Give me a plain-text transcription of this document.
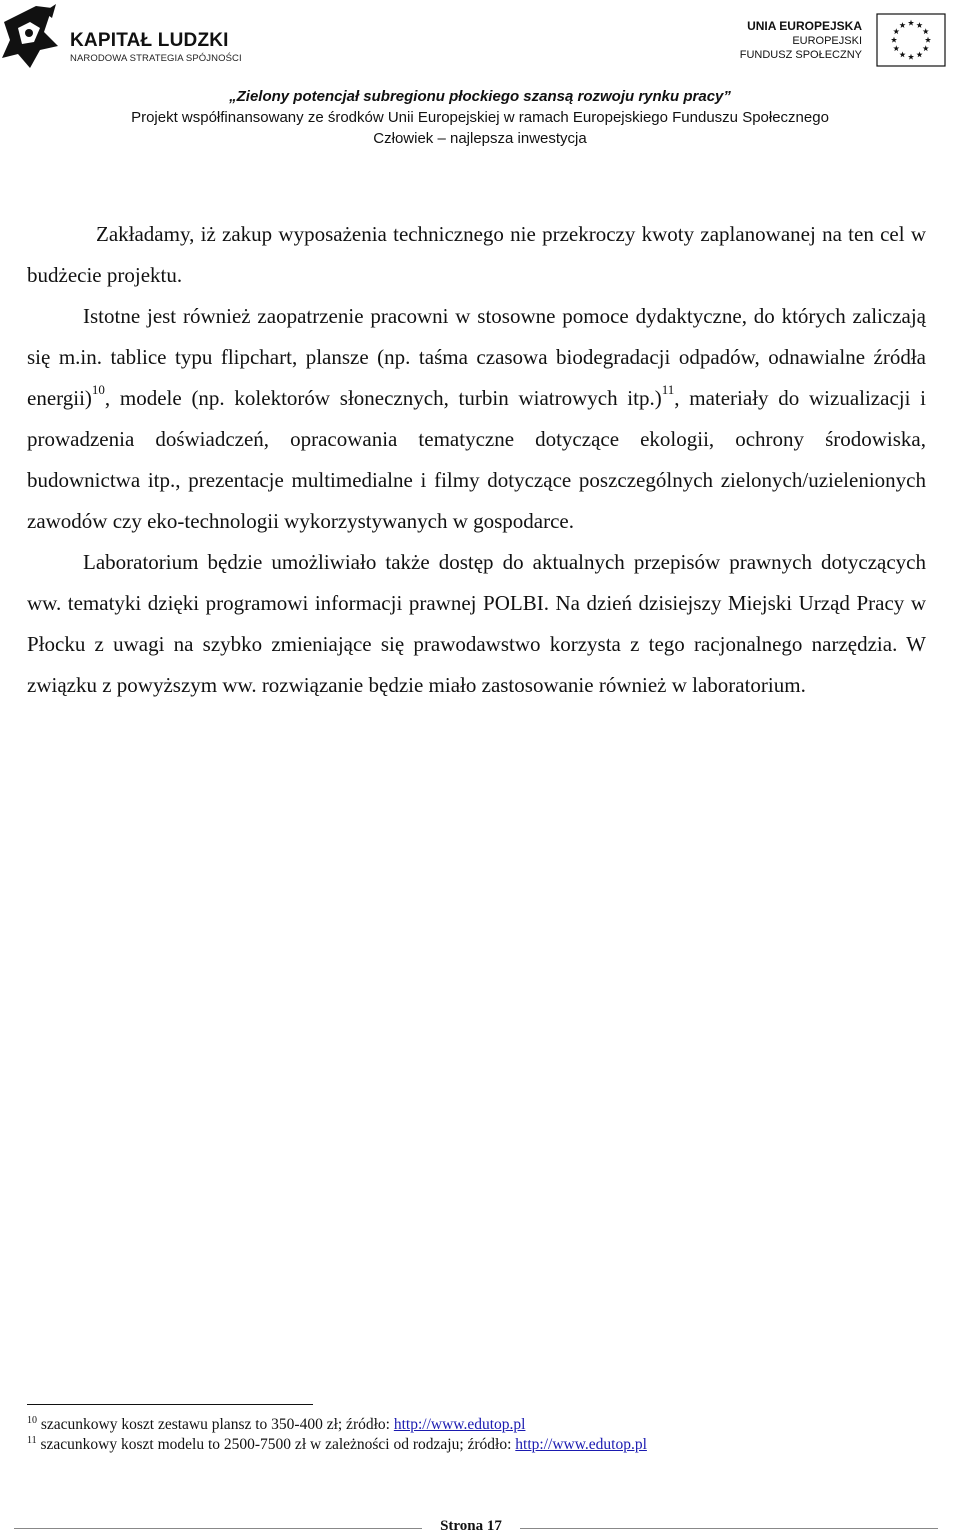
KAPITAŁ LUDZKI
NARODOWA STRATEGIA SPÓJNOŚCI
UNIA EUROPEJSKA
EUROPEJSKI
FUNDUSZ SPOŁECZNY
„Zielony potencjał subregionu płockiego szansą rozwoju rynku pracy”
Projekt współfinansowany ze środków Unii Europejskiej w ramach Europejskiego Funduszu Społecznego
Człowiek – najlepsza inwestycja

Zakładamy, iż zakup wyposażenia technicznego nie przekroczy kwoty zaplanowanej na ten cel w budżecie projektu.

Istotne jest również zaopatrzenie pracowni w stosowne pomoce dydaktyczne, do których zaliczają się m.in. tablice typu flipchart, plansze (np. taśma czasowa biodegradacji odpadów, odnawialne źródła energii)$^{10}$, modele (np. kolektorów słonecznych, turbin wiatrowych itp.)$^{11}$, materiały do wizualizacji i prowadzenia doświadczeń, opracowania tematyczne dotyczące ekologii, ochrony środowiska, budownictwa itp., prezentacje multimedialne i filmy dotyczące poszczególnych zielonych/uzielenionych zawodów czy eko-technologii wykorzystywanych w gospodarce.

Laboratorium będzie umożliwiało także dostęp do aktualnych przepisów prawnych dotyczących ww. tematyki dzięki programowi informacji prawnej POLBI. Na dzień dzisiejszy Miejski Urząd Pracy w Płocku z uwagi na szybko zmieniające się prawodawstwo korzysta z tego racjonalnego narzędzia. W związku z powyższym ww. rozwiązanie będzie miało zastosowanie również w laboratorium.

$^{10}$ szacunkowy koszt zestawu plansz to 350-400 zł; źródło: http://www.edutop.pl
$^{11}$ szacunkowy koszt modelu to 2500-7500 zł w zależności od rodzaju; źródło: http://www.edutop.pl
Strona 17
